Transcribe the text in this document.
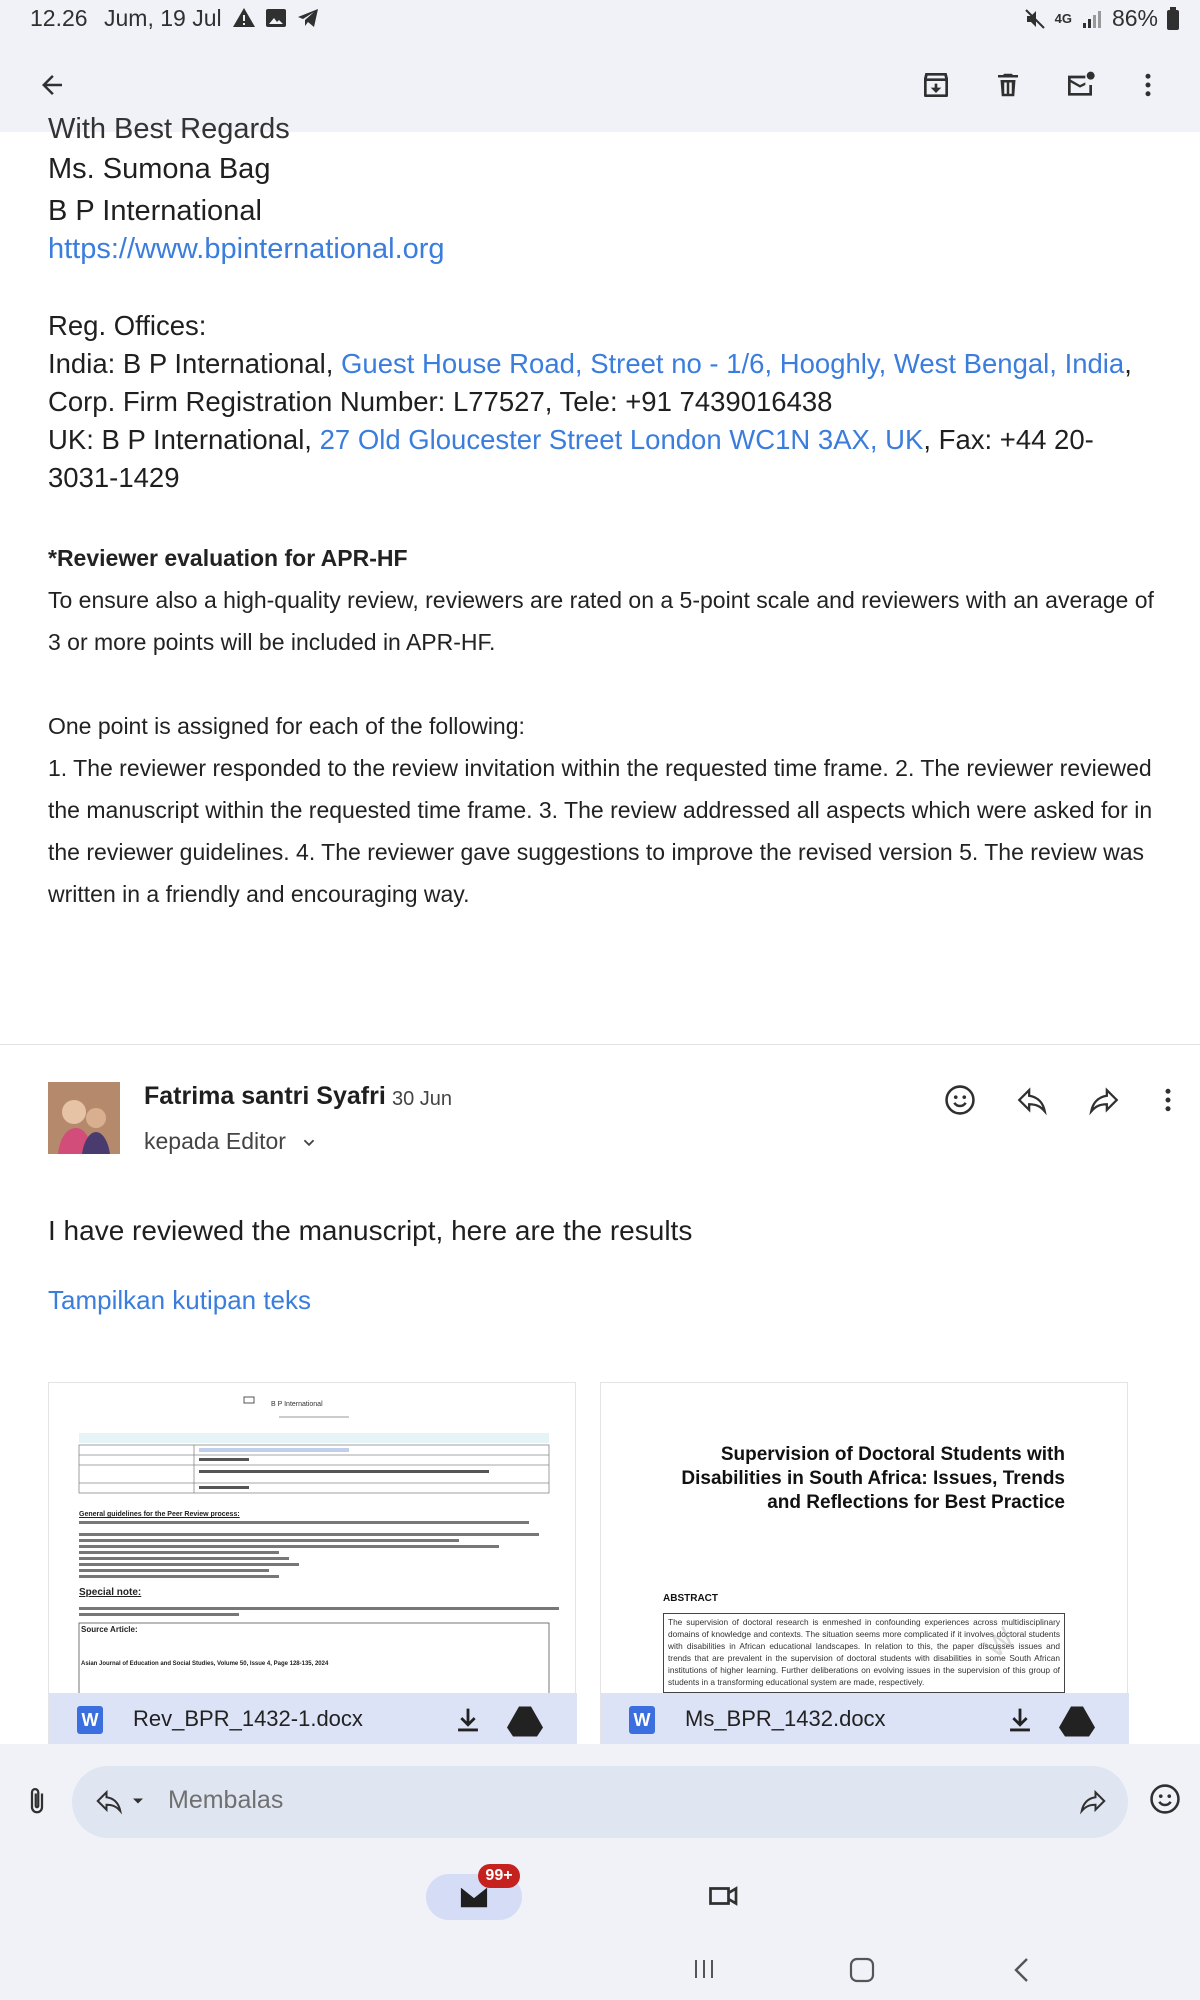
12.26 Jum, 19 Jul	4G 86%
With Best Regards
Ms. Sumona Bag
B P International
https://www.bpinternational.org
Reg. Offices:
India: B P International, Guest House Road, Street no - 1/6, Hooghly, West Bengal, India, Corp. Firm Registration Number: L77527, Tele: +91 7439016438
UK: B P International, 27 Old Gloucester Street London WC1N 3AX, UK, Fax: +44 20-3031-1429
*Reviewer evaluation for APR-HF

To ensure also a high-quality review, reviewers are rated on a 5-point scale and reviewers with an average of 3 or more points will be included in APR-HF.

One point is assigned for each of the following:

1. The reviewer responded to the review invitation within the requested time frame. 2. The reviewer reviewed the manuscript within the requested time frame. 3. The review addressed all aspects which were asked for in the reviewer guidelines. 4. The reviewer gave suggestions to improve the revised version 5. The review was written in a friendly and encouraging way.

Fatrima santri Syafri 30 Jun
kepada Editor
I have reviewed the manuscript, here are the results
Tampilkan kutipan teks
B P International
General guidelines for the Peer Review process:
Special note:
Source Article:
Asian Journal of Education and Social Studies, Volume 50, Issue 4, Page 128-135, 2024
W Rev_BPR_1432-1.docx
Supervision of Doctoral Students with Disabilities in South Africa: Issues, Trends and Reflections for Best Practice
ABSTRACT
The supervision of doctoral research is enmeshed in confounding experiences across multidisciplinary domains of knowledge and contexts. The situation seems more complicated if it involves doctoral students with disabilities in African educational landscapes. In relation to this, the paper discusses issues and trends that are prevalent in the supervision of doctoral students with disabilities in some South African institutions of higher learning. Further deliberations on evolving issues in the supervision of this group of students in a transforming educational system are made, respectively.
W
W Ms_BPR_1432.docx
Membalas
99+
